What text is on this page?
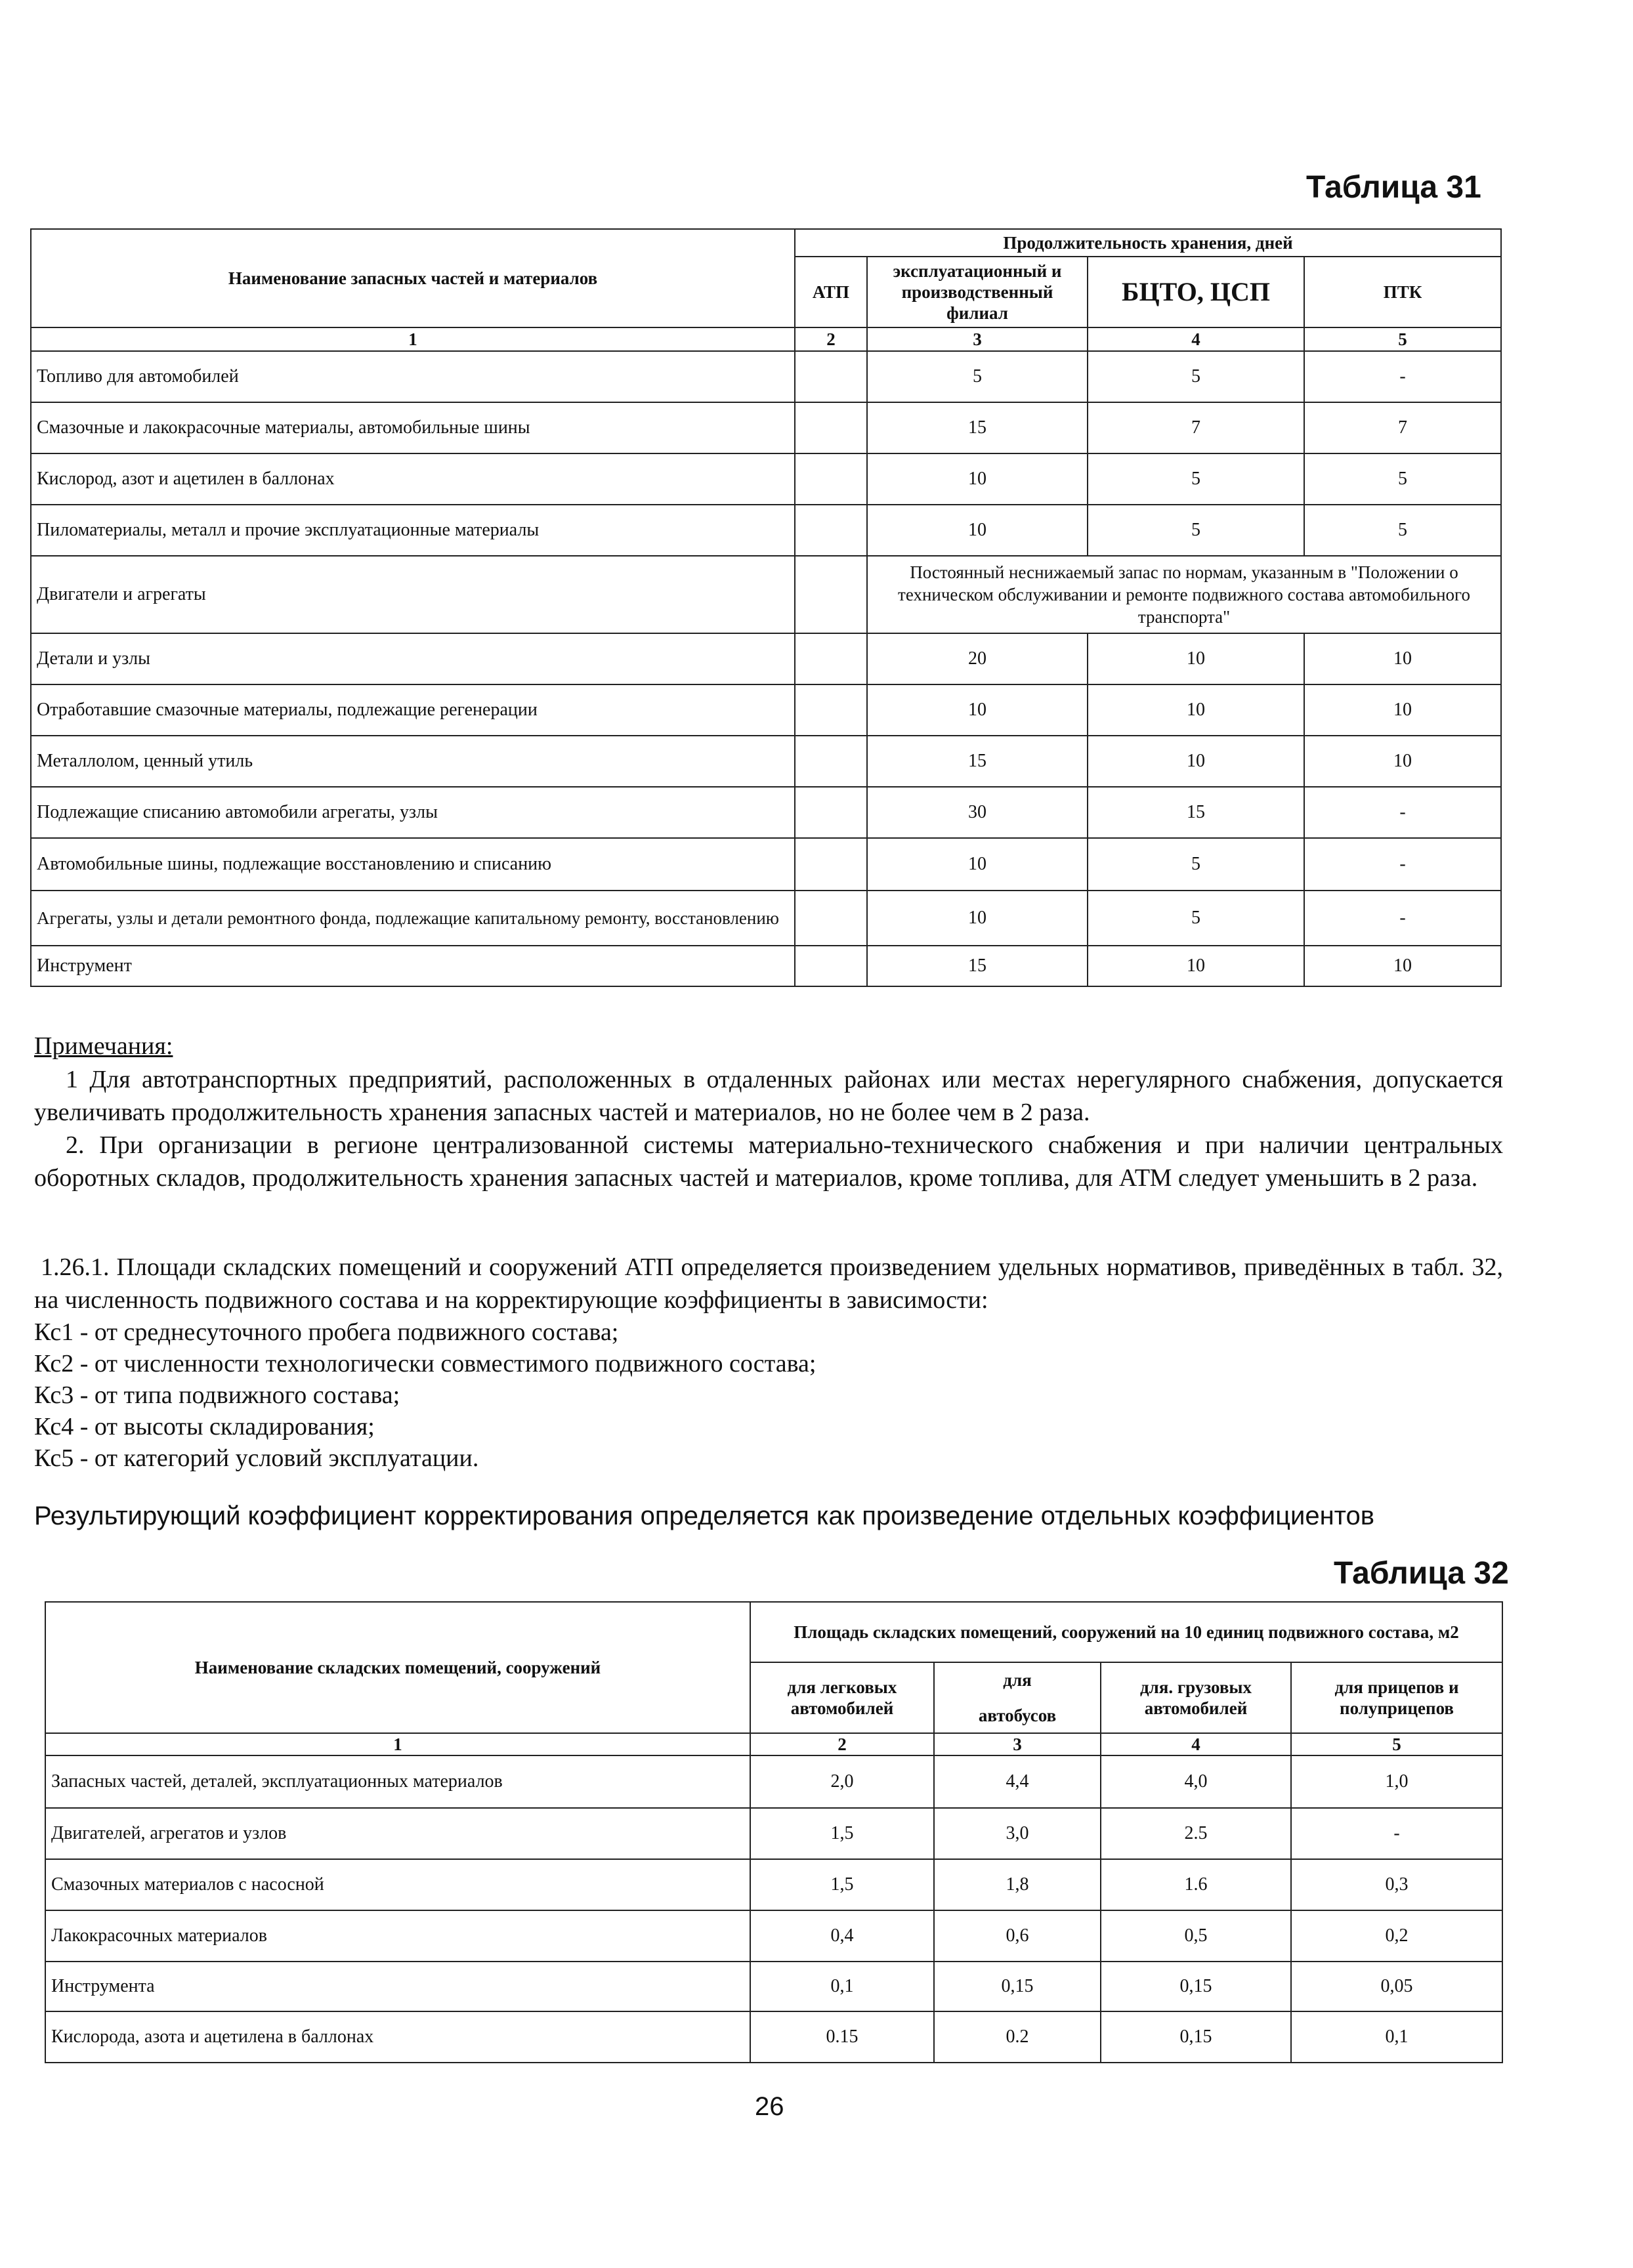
Таблица 31
Наименование запасных частей и материалов	Продолжительность хранения, дней			
	АТП	эксплуатационный и производственный филиал	БЦТО, ЦСП	ПТК
1	2	3	4	5
Топливо для автомобилей		5	5	-
Смазочные и лакокрасочные материалы, автомобильные шины		15	7	7
Кислород, азот и ацетилен в баллонах		10	5	5
Пиломатериалы, металл и прочие эксплуатационные материалы		10	5	5
Двигатели и агрегаты		Постоянный неснижаемый запас по нормам, указанным в "Положении о техническом обслуживании и ремонте подвижного состава автомобильного транспорта"		
Детали и узлы		20	10	10
Отработавшие смазочные материалы, подлежащие регенерации		10	10	10
Металлолом, ценный утиль		15	10	10
Подлежащие списанию автомобили агрегаты, узлы		30	15	-
Автомобильные шины, подлежащие восстановлению и списанию		10	5	-
Агрегаты, узлы и детали ремонтного фонда, подлежащие капитальному ремонту, восстановлению		10	5	-
Инструмент		15	10	10
Примечания:
1 Для автотранспортных предприятий, расположенных в отдаленных районах или местах нерегулярного снабжения, допускается увеличивать продолжительность хранения запасных частей и материалов, но не более чем в 2 раза.
2. При организации в регионе централизованной системы материально-технического снабжения и при наличии центральных оборотных складов, продолжительность хранения запасных частей и материалов, кроме топлива, для АТМ следует уменьшить в 2 раза.
1.26.1. Площади складских помещений и сооружений АТП определяется произведением удельных нормативов, приведённых в табл. 32, на численность подвижного состава и на корректирующие коэффициенты в зависимости:
Кс1 - от среднесуточного пробега подвижного состава;
Кс2 - от численности технологически совместимого подвижного состава;
Кс3 - от типа подвижного состава;
Кс4 - от высоты складирования;
Кс5 - от категорий условий эксплуатации.
Результирующий коэффициент корректирования определяется как произведение отдельных коэффициентов
Таблица 32
Наименование складских помещений, сооружений	Площадь складских помещений, сооружений на 10 единиц подвижного состава, м2			
	для легковых автомобилей	для
автобусов	для. грузовых автомобилей	для прицепов и полуприцепов
1	2	3	4	5
Запасных частей, деталей, эксплуатационных материалов	2,0	4,4	4,0	1,0
Двигателей, агрегатов и узлов	1,5	3,0	2.5	-
Смазочных материалов с насосной	1,5	1,8	1.6	0,3
Лакокрасочных материалов	0,4	0,6	0,5	0,2
Инструмента	0,1	0,15	0,15	0,05
Кислорода, азота и ацетилена в баллонах	0.15	0.2	0,15	0,1
26
